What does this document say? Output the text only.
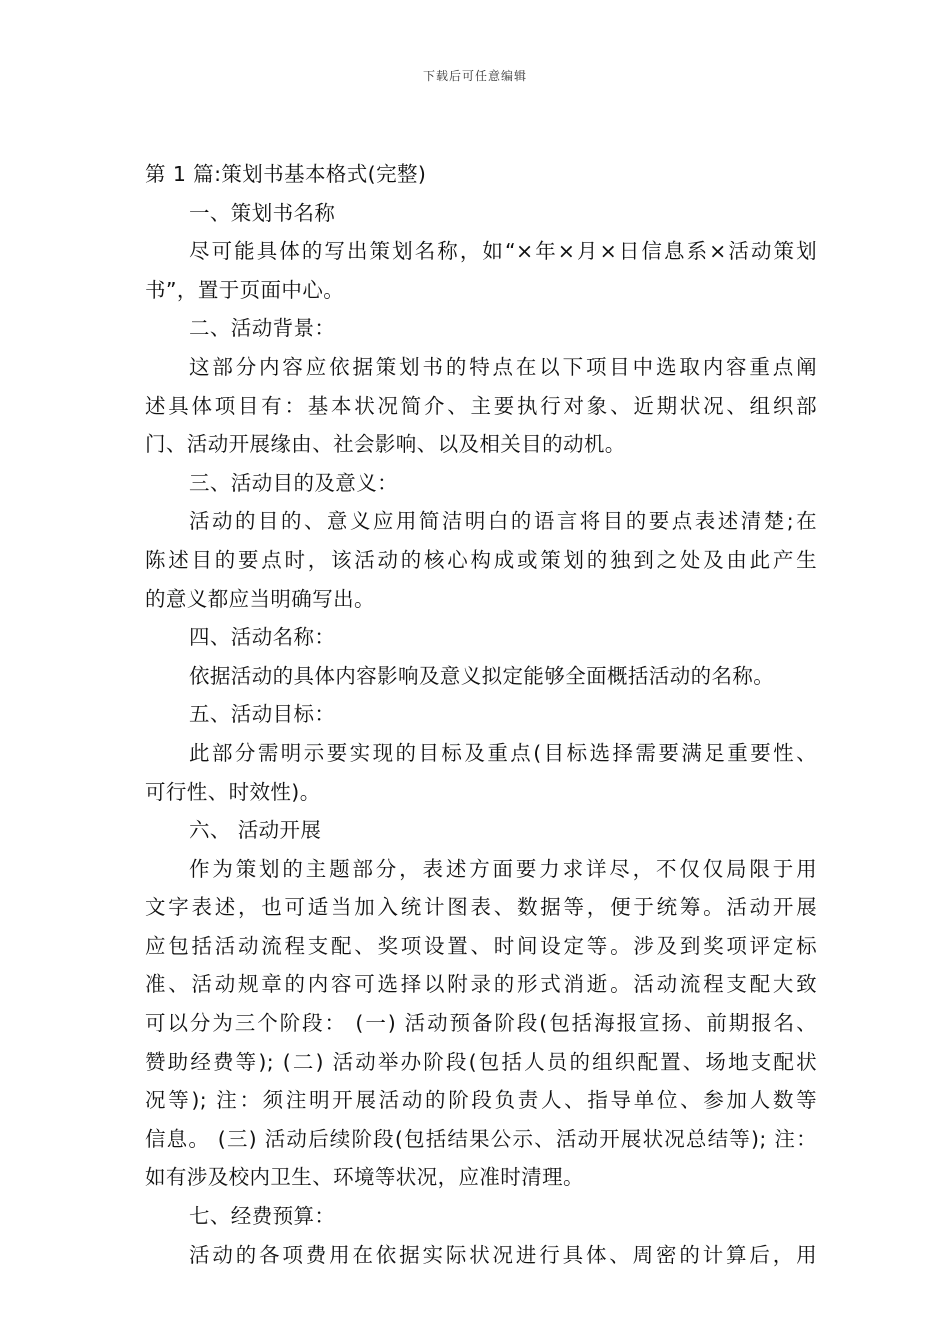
下载后可任意编辑
第 1 篇:策划书基本格式(完整)
一、策划书名称
尽可能具体的写出策划名称，如“×年×月×日信息系×活动策划
书”，置于页面中心。
二、活动背景：
这部分内容应依据策划书的特点在以下项目中选取内容重点阐
述具体项目有：基本状况简介、主要执行对象、近期状况、组织部
门、活动开展缘由、社会影响、以及相关目的动机。
三、活动目的及意义：
活动的目的、意义应用简洁明白的语言将目的要点表述清楚;在
陈述目的要点时，该活动的核心构成或策划的独到之处及由此产生
的意义都应当明确写出。
四、活动名称：
依据活动的具体内容影响及意义拟定能够全面概括活动的名称。
五、活动目标：
此部分需明示要实现的目标及重点(目标选择需要满足重要性、
可行性、时效性)。
六、 活动开展
作为策划的主题部分，表述方面要力求详尽，不仅仅局限于用
文字表述，也可适当加入统计图表、数据等，便于统筹。活动开展
应包括活动流程支配、奖项设置、时间设定等。涉及到奖项评定标
准、活动规章的内容可选择以附录的形式消逝。活动流程支配大致
可以分为三个阶段： (一) 活动预备阶段(包括海报宣扬、前期报名、
赞助经费等); (二) 活动举办阶段(包括人员的组织配置、场地支配状
况等); 注：须注明开展活动的阶段负责人、指导单位、参加人数等
信息。 (三) 活动后续阶段(包括结果公示、活动开展状况总结等); 注：
如有涉及校内卫生、环境等状况，应准时清理。
七、经费预算：
活动的各项费用在依据实际状况进行具体、周密的计算后，用
